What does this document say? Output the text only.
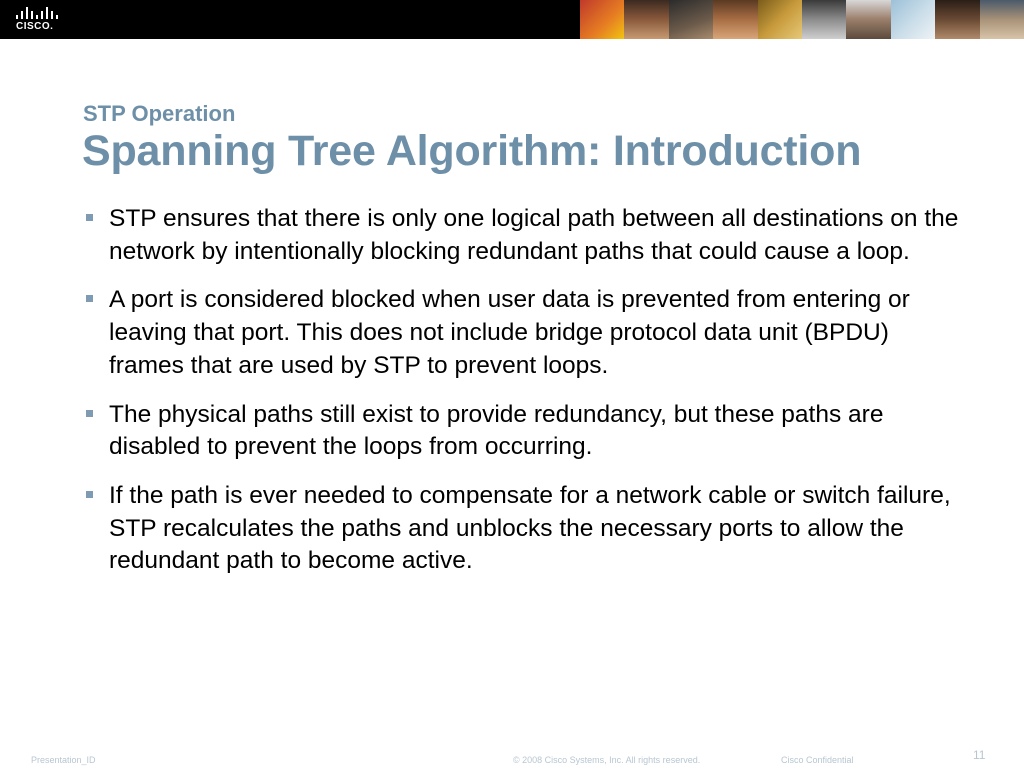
CISCO.
STP Operation
Spanning Tree Algorithm: Introduction
STP ensures that there is only one logical path between all destinations on the network by intentionally blocking redundant paths that could cause a loop.
A port is considered blocked when user data is prevented from entering or leaving that port. This does not include bridge protocol data unit (BPDU) frames that are used by STP to prevent loops.
The physical paths still exist to provide redundancy, but these paths are disabled to prevent the loops from occurring.
If the path is ever needed to compensate for a network cable or switch failure, STP recalculates the paths and unblocks the necessary ports to allow the redundant path to become active.
Presentation_ID	© 2008 Cisco Systems, Inc. All rights reserved.	Cisco Confidential	11
